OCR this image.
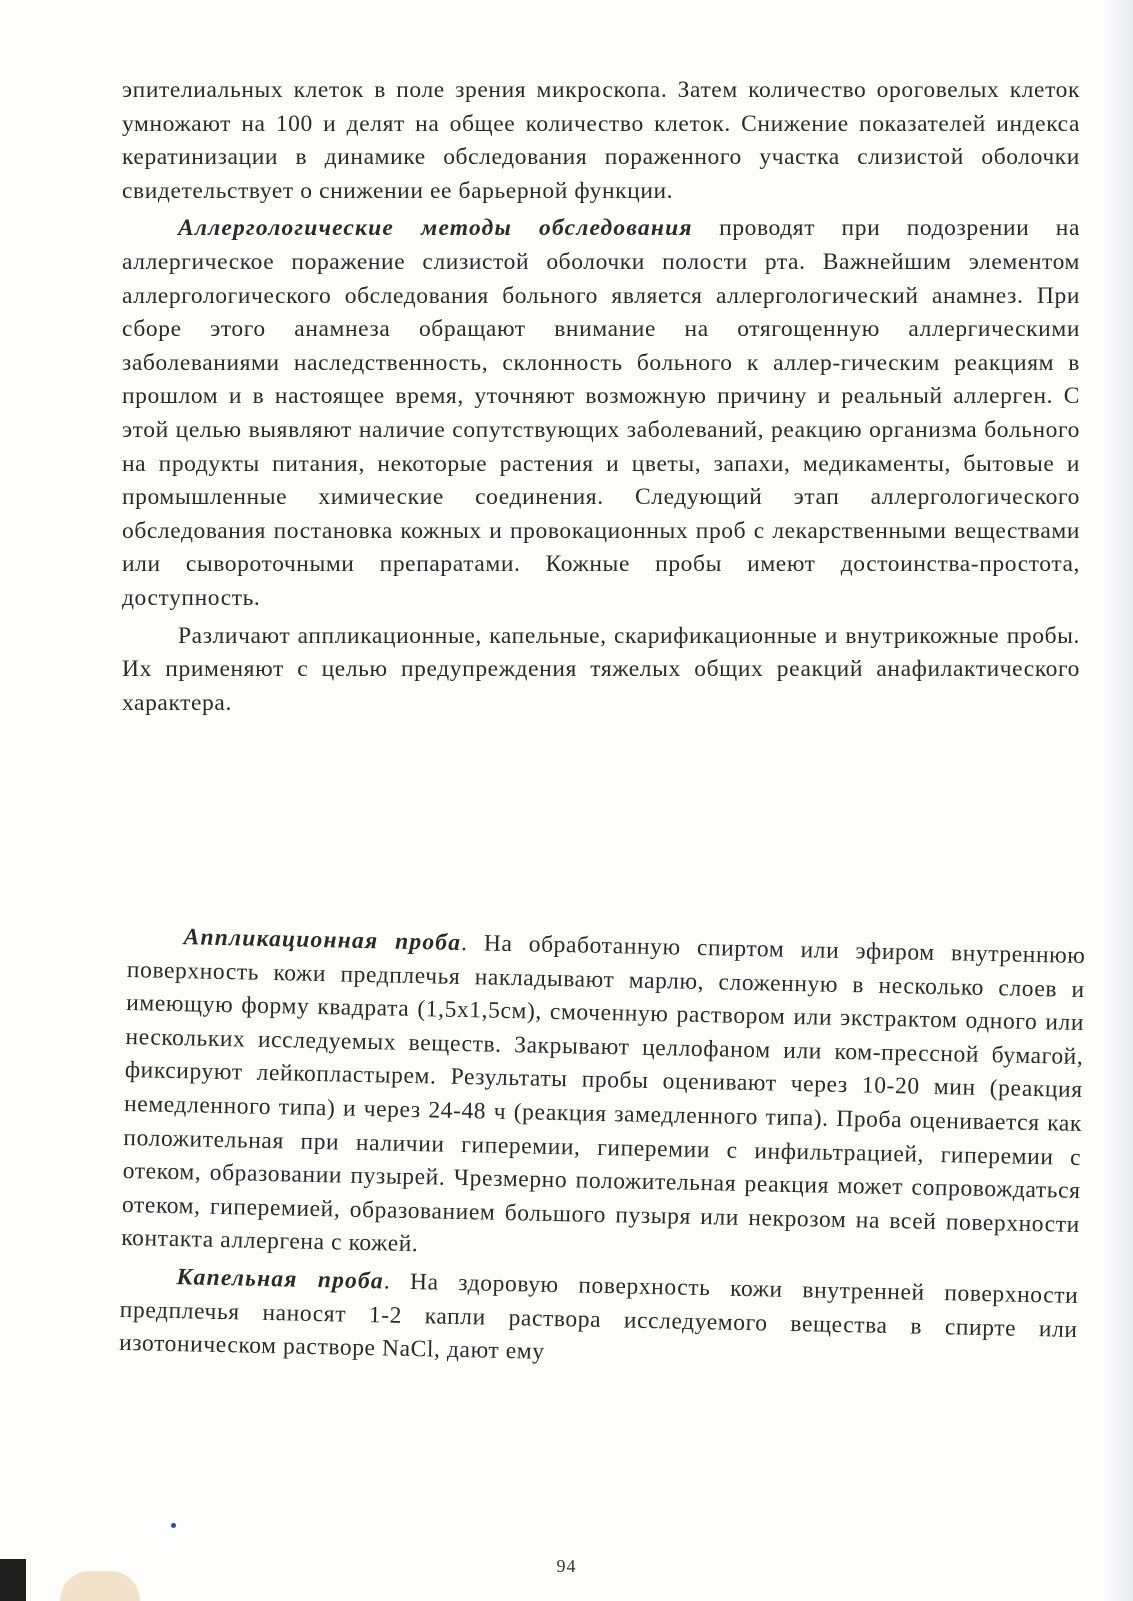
эпителиальных клеток в поле зрения микроскопа. Затем количество ороговелых клеток умножают на 100 и делят на общее количество клеток. Снижение показателей индекса кератинизации в динамике обследования пораженного участка слизистой оболочки свидетельствует о снижении ее барьерной функции.

Аллергологические методы обследования проводят при подозрении на аллергическое поражение слизистой оболочки полости рта. Важнейшим элементом аллергологического обследования больного является аллергологический анамнез. При сборе этого анамнеза обращают внимание на отягощенную аллергическими заболеваниями наследственность, склонность больного к аллер-гическим реакциям в прошлом и в настоящее время, уточняют возможную причину и реальный аллерген. С этой целью выявляют наличие сопутствующих заболеваний, реакцию организма больного на продукты питания, некоторые растения и цветы, запахи, медикаменты, бытовые и промышленные химические соединения. Следующий этап аллергологического обследования постановка кожных и провокационных проб с лекарственными веществами или сывороточными препаратами. Кожные пробы имеют достоинства-простота, доступность.

Различают аппликационные, капельные, скарификационные и внутрикожные пробы. Их применяют с целью предупреждения тяжелых общих реакций анафилактического характера.

Аппликационная проба. На обработанную спиртом или эфиром внутреннюю поверхность кожи предплечья накладывают марлю, сложенную в несколько слоев и имеющую форму квадрата (1,5х1,5см), смоченную раствором или экстрактом одного или нескольких исследуемых веществ. Закрывают целлофаном или ком-прессной бумагой, фиксируют лейкопластырем. Результаты пробы оценивают через 10-20 мин (реакция немедленного типа) и через 24-48 ч (реакция замедленного типа). Проба оценивается как положительная при наличии гиперемии, гиперемии с инфильтрацией, гиперемии с отеком, образовании пузырей. Чрезмерно положительная реакция может сопровождаться отеком, гиперемией, образованием большого пузыря или некрозом на всей поверхности контакта аллергена с кожей.

Капельная проба. На здоровую поверхность кожи внутренней поверхности предплечья наносят 1-2 капли раствора исследуемого вещества в спирте или изотоническом растворе NaCl, дают ему

94
